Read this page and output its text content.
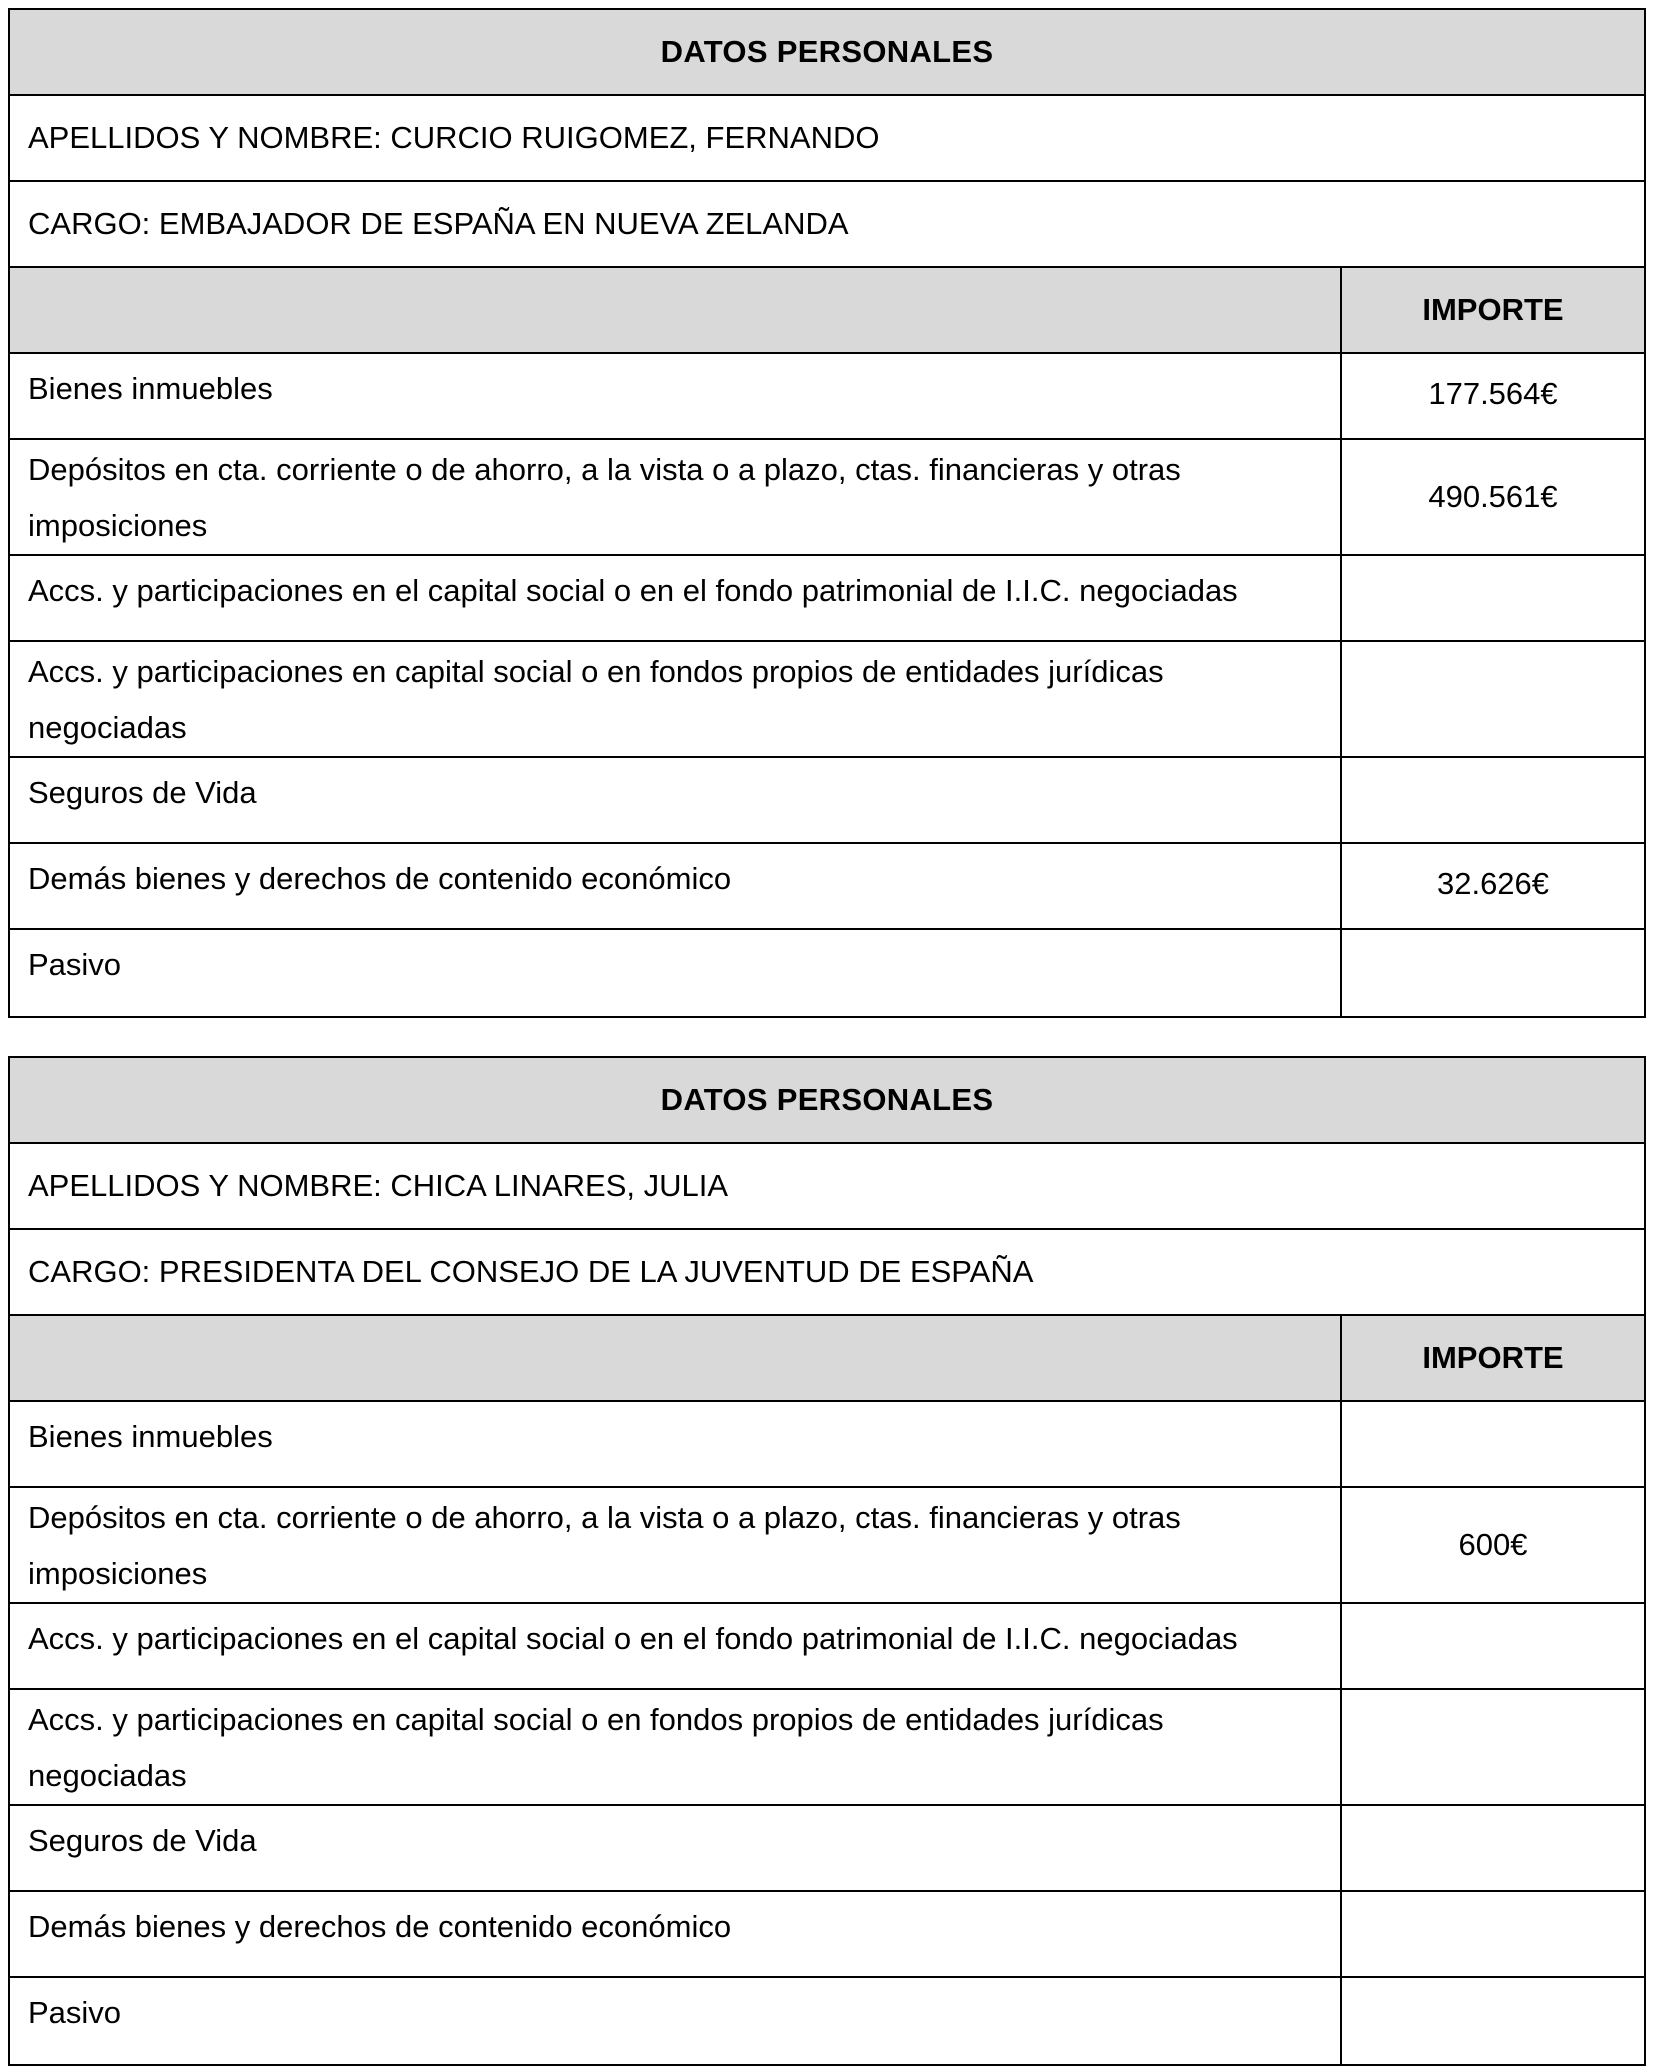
DATOS PERSONALES
APELLIDOS Y NOMBRE: CURCIO RUIGOMEZ, FERNANDO
CARGO: EMBAJADOR DE ESPAÑA EN NUEVA ZELANDA
IMPORTE
Bienes inmuebles	177.564€
Depósitos en cta. corriente o de ahorro, a la vista o a plazo, ctas. financieras y otras imposiciones
490.561€
Accs. y participaciones en el capital social o en el fondo patrimonial de I.I.C. negociadas
Accs. y participaciones en capital social o en fondos propios de entidades jurídicas negociadas
Seguros de Vida
Demás bienes y derechos de contenido económico	32.626€
Pasivo
DATOS PERSONALES
APELLIDOS Y NOMBRE: CHICA LINARES, JULIA
CARGO: PRESIDENTA DEL CONSEJO DE LA JUVENTUD DE ESPAÑA
IMPORTE
Bienes inmuebles
Depósitos en cta. corriente o de ahorro, a la vista o a plazo, ctas. financieras y otras imposiciones
600€
Accs. y participaciones en el capital social o en el fondo patrimonial de I.I.C. negociadas
Accs. y participaciones en capital social o en fondos propios de entidades jurídicas negociadas
Seguros de Vida
Demás bienes y derechos de contenido económico
Pasivo
